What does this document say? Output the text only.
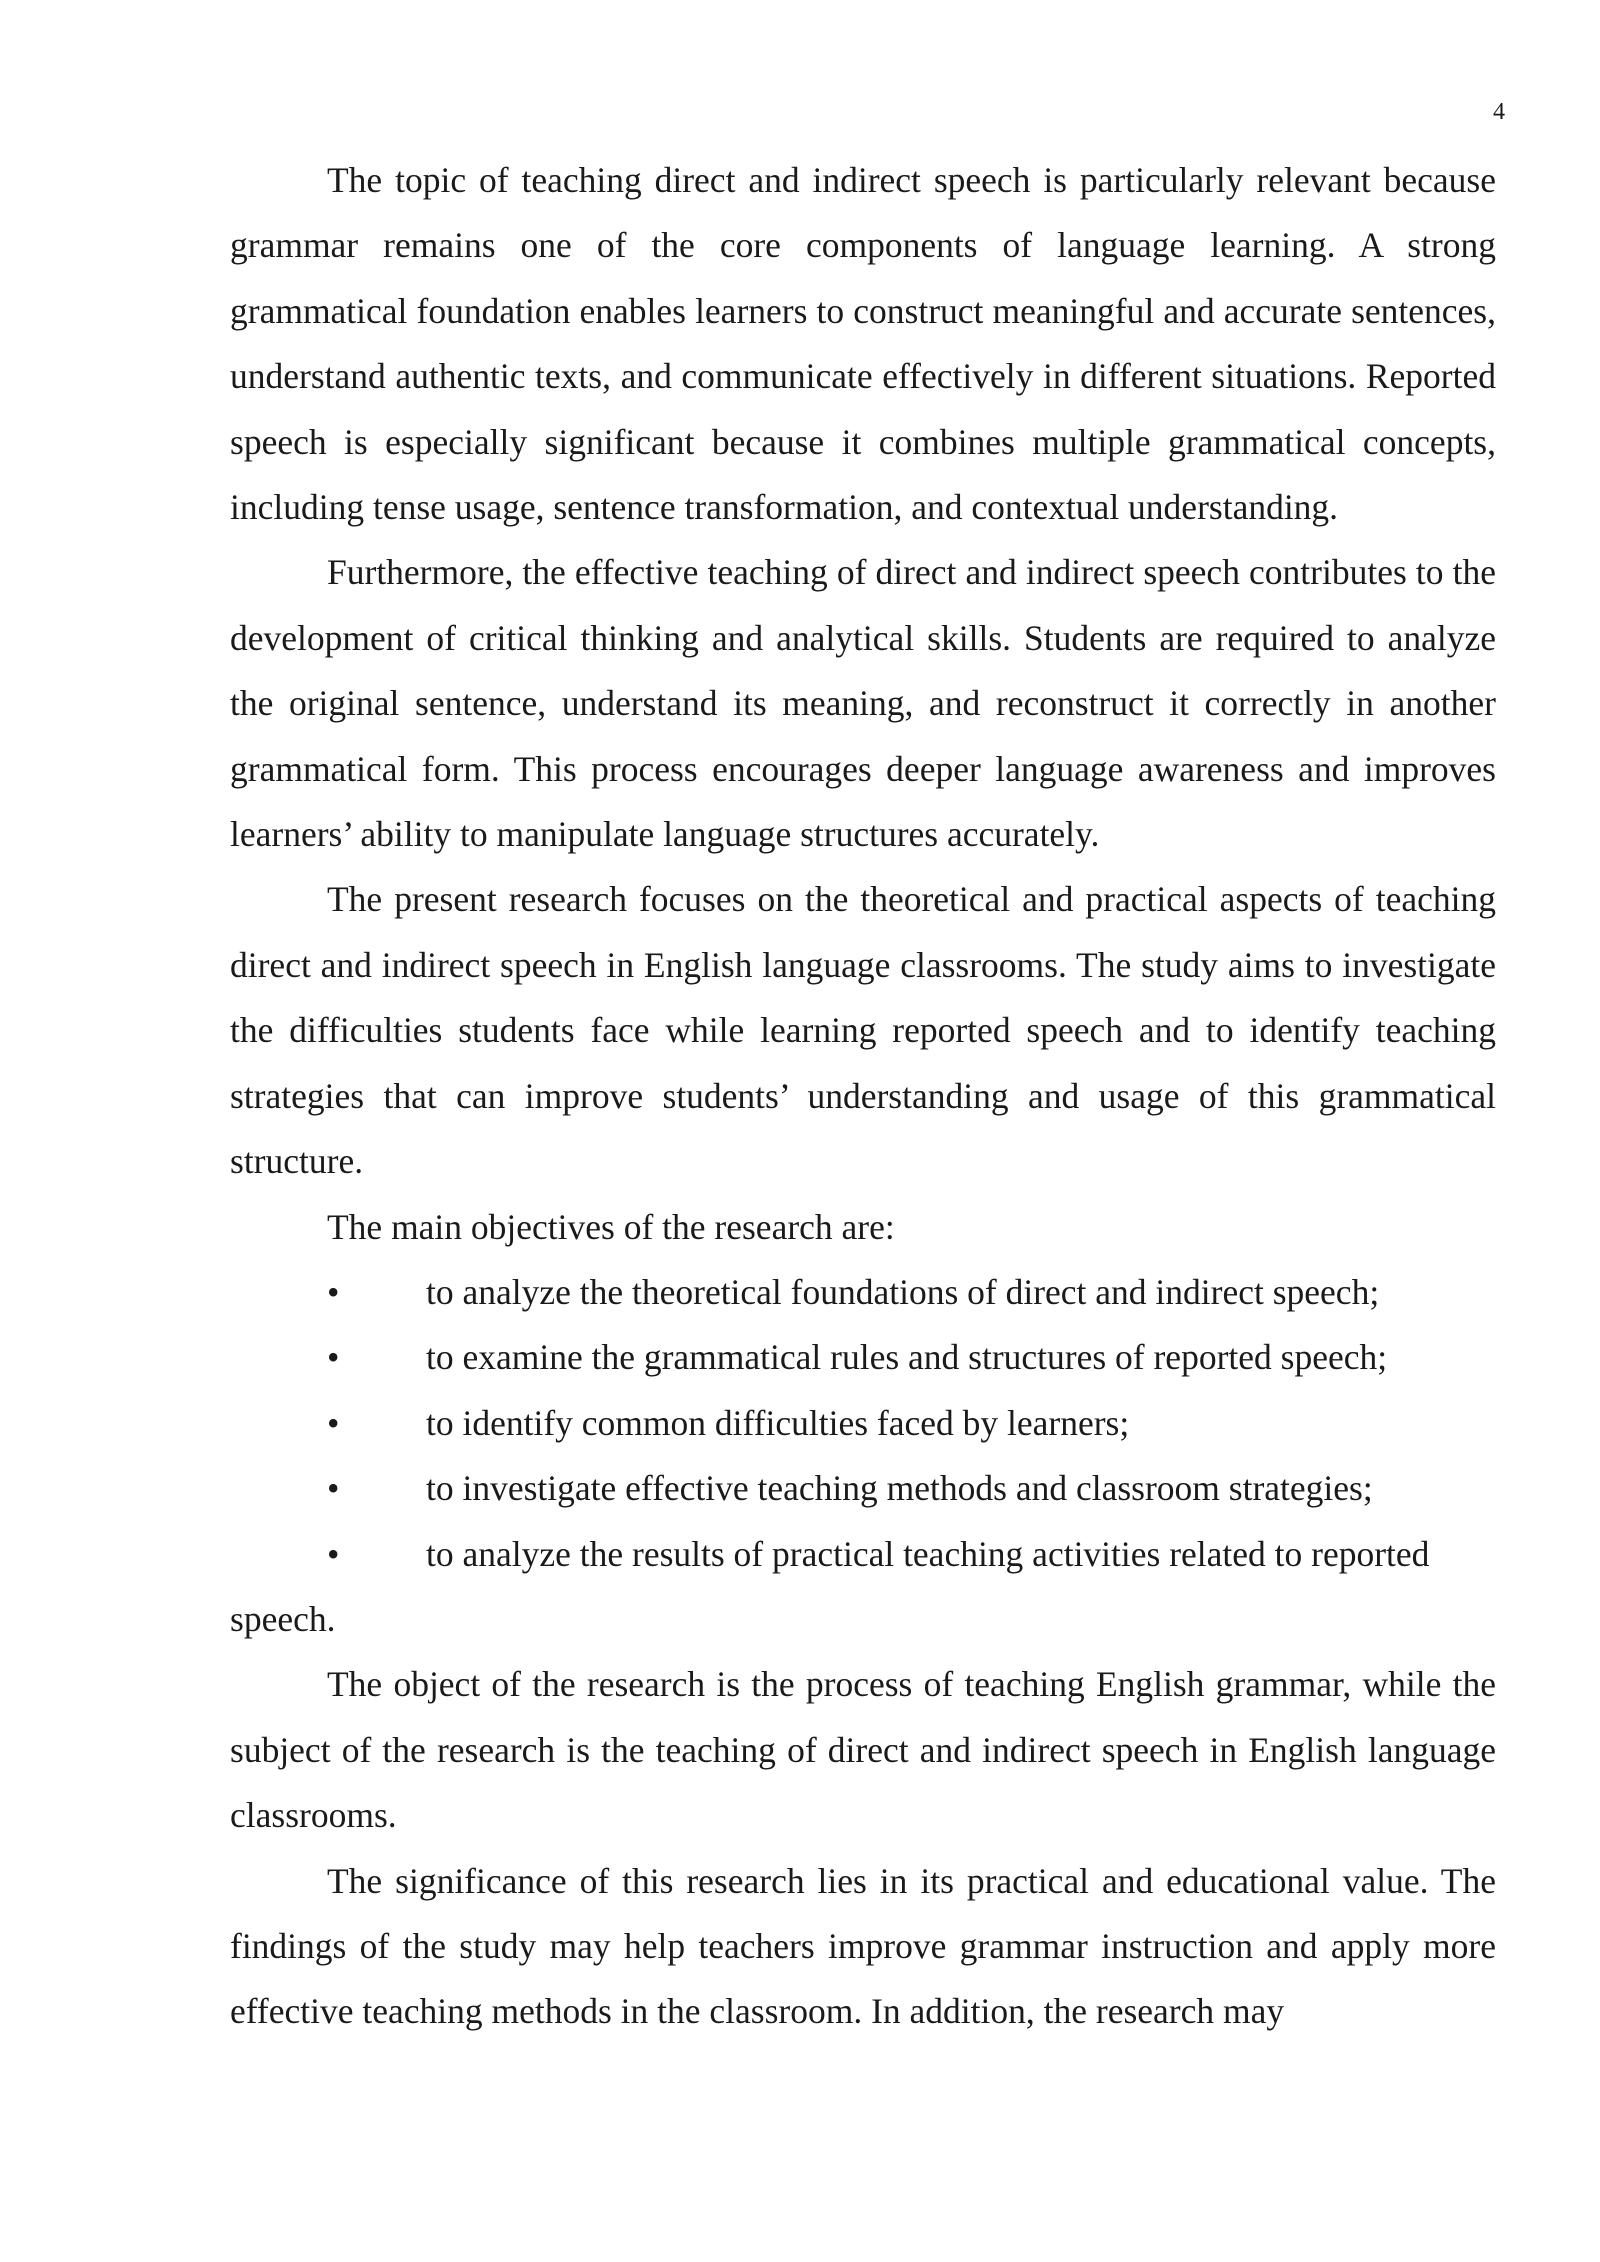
4

The topic of teaching direct and indirect speech is particularly relevant because grammar remains one of the core components of language learning. A strong grammatical foundation enables learners to construct meaningful and accurate sentences, understand authentic texts, and communicate effectively in different situations. Reported speech is especially significant because it combines multiple grammatical concepts, including tense usage, sentence transformation, and contextual understanding.

Furthermore, the effective teaching of direct and indirect speech contributes to the development of critical thinking and analytical skills. Students are required to analyze the original sentence, understand its meaning, and reconstruct it correctly in another grammatical form. This process encourages deeper language awareness and improves learners’ ability to manipulate language structures accurately.

The present research focuses on the theoretical and practical aspects of teaching direct and indirect speech in English language classrooms. The study aims to investigate the difficulties students face while learning reported speech and to identify teaching strategies that can improve students’ understanding and usage of this grammatical structure.

The main objectives of the research are:

•	to analyze the theoretical foundations of direct and indirect speech;
•	to examine the grammatical rules and structures of reported speech;
•	to identify common difficulties faced by learners;
•	to investigate effective teaching methods and classroom strategies;
•	to analyze the results of practical teaching activities related to reported

speech.

The object of the research is the process of teaching English grammar, while the subject of the research is the teaching of direct and indirect speech in English language classrooms.

The significance of this research lies in its practical and educational value. The findings of the study may help teachers improve grammar instruction and apply more effective teaching methods in the classroom. In addition, the research may
